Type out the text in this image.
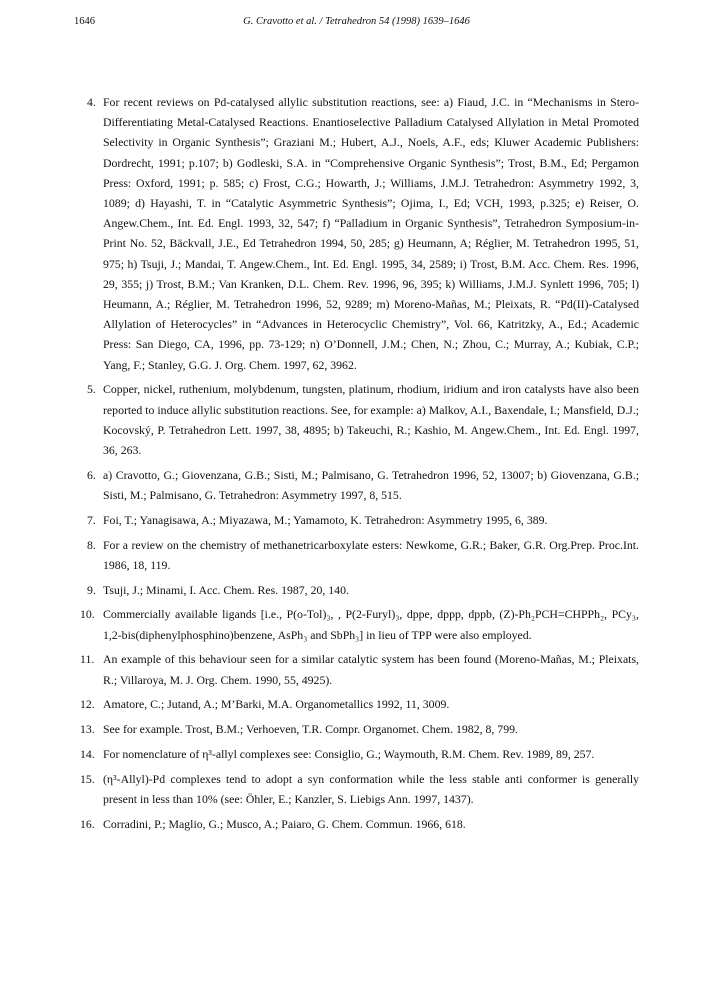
1646	G. Cravotto et al. / Tetrahedron 54 (1998) 1639–1646
4. For recent reviews on Pd-catalysed allylic substitution reactions, see: a) Fiaud, J.C. in “Mechanisms in Stero-Differentiating Metal-Catalysed Reactions. Enantioselective Palladium Catalysed Allylation in Metal Promoted Selectivity in Organic Synthesis”; Graziani M.; Hubert, A.J., Noels, A.F., eds; Kluwer Academic Publishers: Dordrecht, 1991; p.107; b) Godleski, S.A. in “Comprehensive Organic Synthesis”; Trost, B.M., Ed; Pergamon Press: Oxford, 1991; p. 585; c) Frost, C.G.; Howarth, J.; Williams, J.M.J. Tetrahedron: Asymmetry 1992, 3, 1089; d) Hayashi, T. in “Catalytic Asymmetric Synthesis”; Ojima, I., Ed; VCH, 1993, p.325; e) Reiser, O. Angew.Chem., Int. Ed. Engl. 1993, 32, 547; f) “Palladium in Organic Synthesis”, Tetrahedron Symposium-in-Print No. 52, Bäckvall, J.E., Ed Tetrahedron 1994, 50, 285; g) Heumann, A; Réglier, M. Tetrahedron 1995, 51, 975; h) Tsuji, J.; Mandai, T. Angew.Chem., Int. Ed. Engl. 1995, 34, 2589; i) Trost, B.M. Acc. Chem. Res. 1996, 29, 355; j) Trost, B.M.; Van Kranken, D.L. Chem. Rev. 1996, 96, 395; k) Williams, J.M.J. Synlett 1996, 705; l) Heumann, A.; Réglier, M. Tetrahedron 1996, 52, 9289; m) Moreno-Mañas, M.; Pleixats, R. “Pd(II)-Catalysed Allylation of Heterocycles” in “Advances in Heterocyclic Chemistry”, Vol. 66, Katritzky, A., Ed.; Academic Press: San Diego, CA, 1996, pp. 73-129; n) O’Donnell, J.M.; Chen, N.; Zhou, C.; Murray, A.; Kubiak, C.P.; Yang, F.; Stanley, G.G. J. Org. Chem. 1997, 62, 3962.
5. Copper, nickel, ruthenium, molybdenum, tungsten, platinum, rhodium, iridium and iron catalysts have also been reported to induce allylic substitution reactions. See, for example: a) Malkov, A.I., Baxendale, I.; Mansfield, D.J.; Kocovský, P. Tetrahedron Lett. 1997, 38, 4895; b) Takeuchi, R.; Kashio, M. Angew.Chem., Int. Ed. Engl. 1997, 36, 263.
6. a) Cravotto, G.; Giovenzana, G.B.; Sisti, M.; Palmisano, G. Tetrahedron 1996, 52, 13007; b) Giovenzana, G.B.; Sisti, M.; Palmisano, G. Tetrahedron: Asymmetry 1997, 8, 515.
7. Foi, T.; Yanagisawa, A.; Miyazawa, M.; Yamamoto, K. Tetrahedron: Asymmetry 1995, 6, 389.
8. For a review on the chemistry of methanetricarboxylate esters: Newkome, G.R.; Baker, G.R. Org.Prep. Proc.Int. 1986, 18, 119.
9. Tsuji, J.; Minami, I. Acc. Chem. Res. 1987, 20, 140.
10. Commercially available ligands [i.e., P(o-Tol)₃, , P(2-Furyl)₃, dppe, dppp, dppb, (Z)-Ph₂PCH=CHPPh₂, PCy₃, 1,2-bis(diphenylphosphino)benzene, AsPh₃ and SbPh₃] in lieu of TPP were also employed.
11. An example of this behaviour seen for a similar catalytic system has been found (Moreno-Mañas, M.; Pleixats, R.; Villaroya, M. J. Org. Chem. 1990, 55, 4925).
12. Amatore, C.; Jutand, A.; M’Barki, M.A. Organometallics 1992, 11, 3009.
13. See for example. Trost, B.M.; Verhoeven, T.R. Compr. Organomet. Chem. 1982, 8, 799.
14. For nomenclature of η³-allyl complexes see: Consiglio, G.; Waymouth, R.M. Chem. Rev. 1989, 89, 257.
15. (η³-Allyl)-Pd complexes tend to adopt a syn conformation while the less stable anti conformer is generally present in less than 10% (see: Öhler, E.; Kanzler, S. Liebigs Ann. 1997, 1437).
16. Corradini, P.; Maglio, G.; Musco, A.; Paiaro, G. Chem. Commun. 1966, 618.
